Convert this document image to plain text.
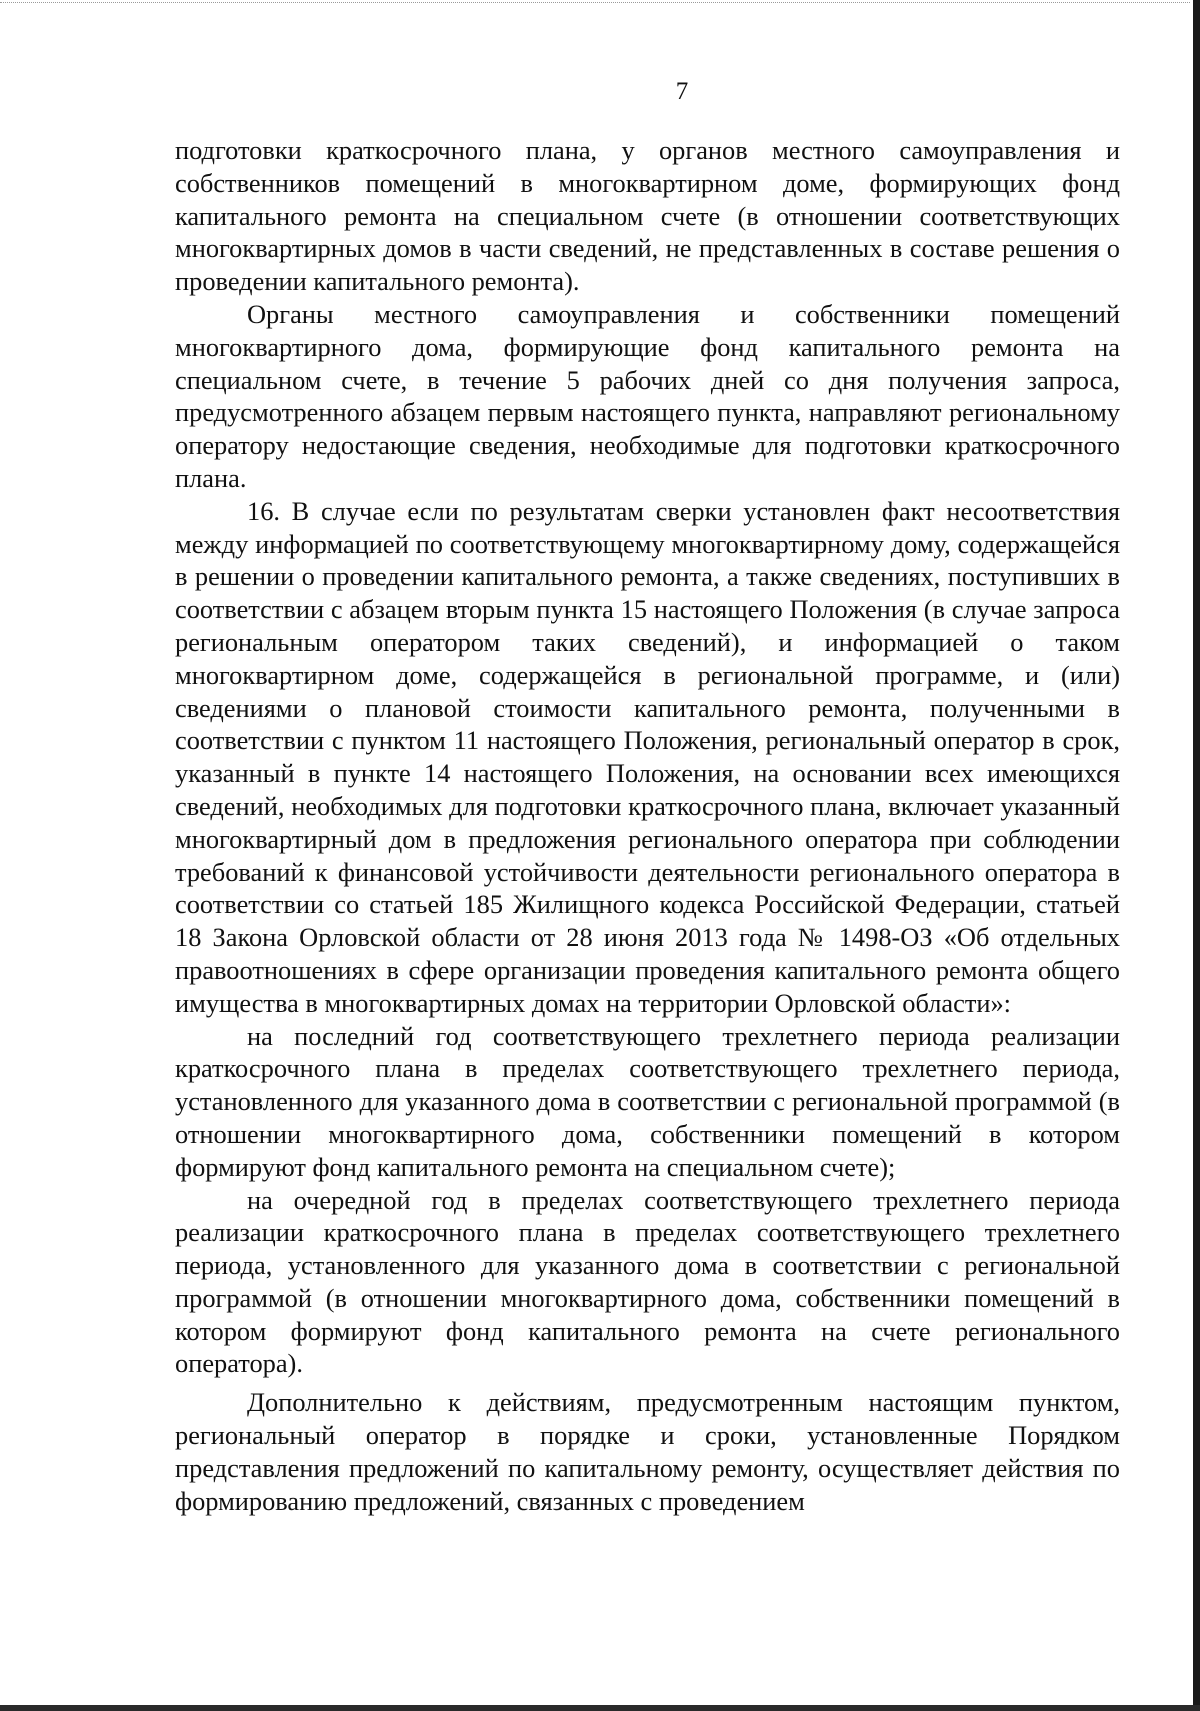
7

подготовки краткосрочного плана, у органов местного самоуправления и собственников помещений в многоквартирном доме, формирующих фонд капитального ремонта на специальном счете (в отношении соответствующих многоквартирных домов в части сведений, не представленных в составе решения о проведении капитального ремонта).

Органы местного самоуправления и собственники помещений многоквартирного дома, формирующие фонд капитального ремонта на специальном счете, в течение 5 рабочих дней со дня получения запроса, предусмотренного абзацем первым настоящего пункта, направляют региональному оператору недостающие сведения, необходимые для подготовки краткосрочного плана.

16. В случае если по результатам сверки установлен факт несоответствия между информацией по соответствующему многоквартирному дому, содержащейся в решении о проведении капитального ремонта, а также сведениях, поступивших в соответствии с абзацем вторым пункта 15 настоящего Положения (в случае запроса региональным оператором таких сведений), и информацией о таком многоквартирном доме, содержащейся в региональной программе, и (или) сведениями о плановой стоимости капитального ремонта, полученными в соответствии с пунктом 11 настоящего Положения, региональный оператор в срок, указанный в пункте 14 настоящего Положения, на основании всех имеющихся сведений, необходимых для подготовки краткосрочного плана, включает указанный многоквартирный дом в предложения регионального оператора при соблюдении требований к финансовой устойчивости деятельности регионального оператора в соответствии со статьей 185 Жилищного кодекса Российской Федерации, статьей 18 Закона Орловской области от 28 июня 2013 года № 1498-ОЗ «Об отдельных правоотношениях в сфере организации проведения капитального ремонта общего имущества в многоквартирных домах на территории Орловской области»:

на последний год соответствующего трехлетнего периода реализации краткосрочного плана в пределах соответствующего трехлетнего периода, установленного для указанного дома в соответствии с региональной программой (в отношении многоквартирного дома, собственники помещений в котором формируют фонд капитального ремонта на специальном счете);

на очередной год в пределах соответствующего трехлетнего периода реализации краткосрочного плана в пределах соответствующего трехлетнего периода, установленного для указанного дома в соответствии с региональной программой (в отношении многоквартирного дома, собственники помещений в котором формируют фонд капитального ремонта на счете регионального оператора).

Дополнительно к действиям, предусмотренным настоящим пунктом, региональный оператор в порядке и сроки, установленные Порядком представления предложений по капитальному ремонту, осуществляет действия по формированию предложений, связанных с проведением
